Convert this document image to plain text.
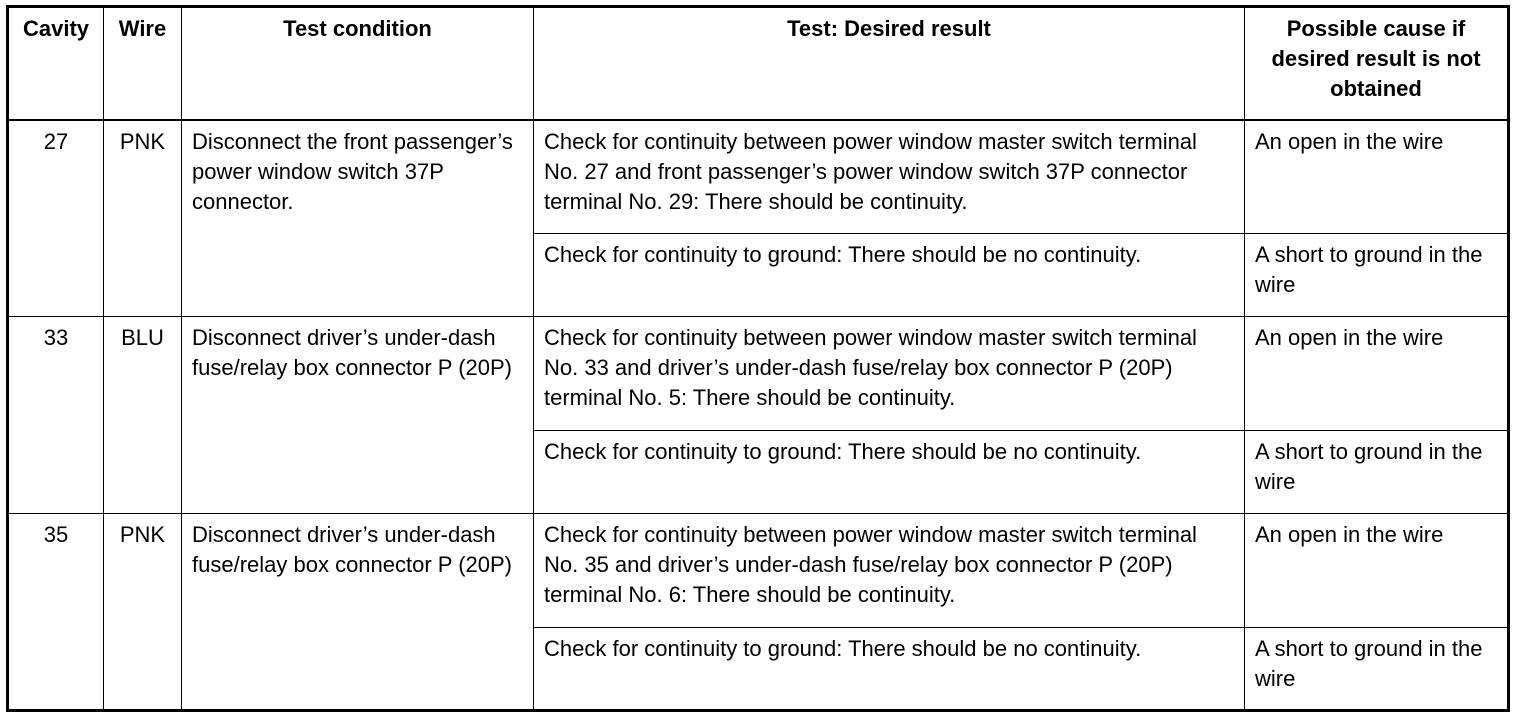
Cavity	Wire	Test condition	Test: Desired result	Possible cause if desired result is not obtained
27	PNK	Disconnect the front passenger’s power window switch 37P connector.	Check for continuity between power window master switch terminal No. 27 and front passenger’s power window switch 37P connector terminal No. 29: There should be continuity.	An open in the wire
			Check for continuity to ground: There should be no continuity.	A short to ground in the wire
33	BLU	Disconnect driver’s under-dash fuse/relay box connector P (20P)	Check for continuity between power window master switch terminal No. 33 and driver’s under-dash fuse/relay box connector P (20P) terminal No. 5: There should be continuity.	An open in the wire
			Check for continuity to ground: There should be no continuity.	A short to ground in the wire
35	PNK	Disconnect driver’s under-dash fuse/relay box connector P (20P)	Check for continuity between power window master switch terminal No. 35 and driver’s under-dash fuse/relay box connector P (20P) terminal No. 6: There should be continuity.	An open in the wire
			Check for continuity to ground: There should be no continuity.	A short to ground in the wire
